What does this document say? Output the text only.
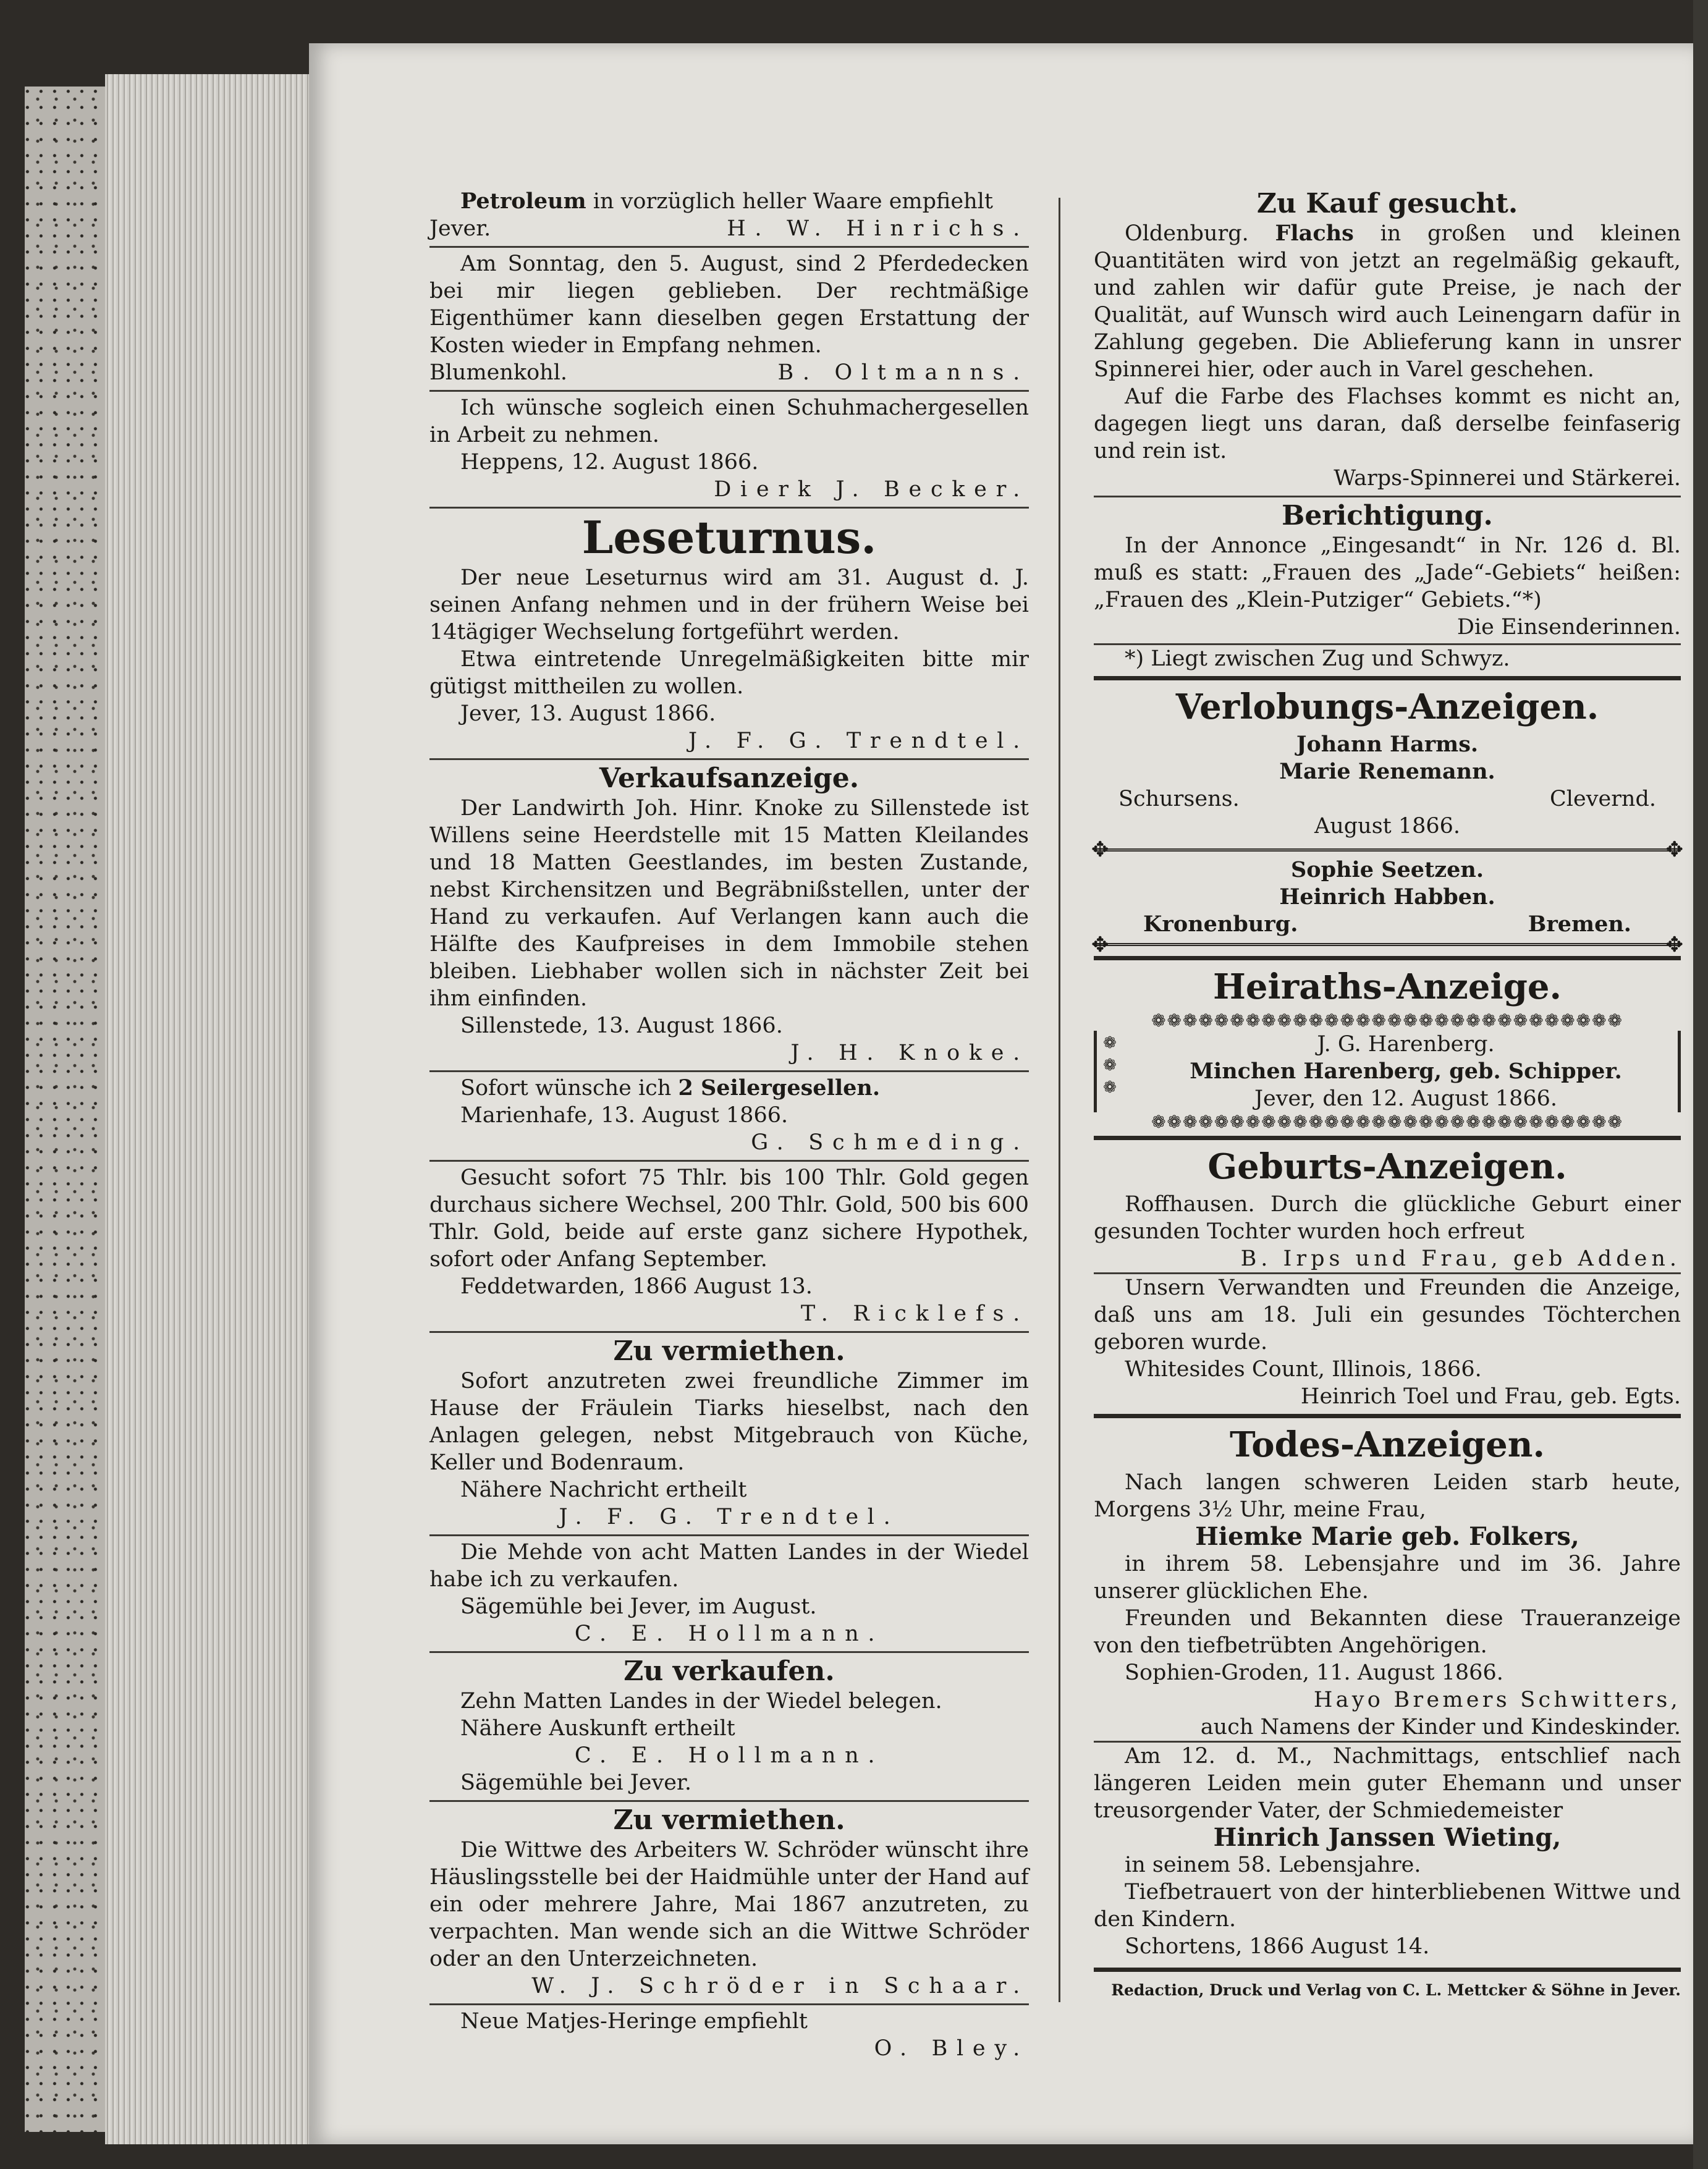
Petroleum in vorzüglich heller Waare empfiehlt

Jever.	H. W. Hinrichs.

Am Sonntag, den 5. August, sind 2 Pferdedecken bei mir liegen geblieben. Der rechtmäßige Eigenthümer kann dieselben gegen Erstattung der Kosten wieder in Empfang nehmen.

Blumenkohl.	B. Oltmanns.

Ich wünsche sogleich einen Schuhmachergesellen in Arbeit zu nehmen.

Heppens, 12. August 1866.

Dierk J. Becker.

Leseturnus.

Der neue Leseturnus wird am 31. August d. J. seinen Anfang nehmen und in der frühern Weise bei 14tägiger Wechselung fortgeführt werden.

Etwa eintretende Unregelmäßigkeiten bitte mir gütigst mittheilen zu wollen.

Jever, 13. August 1866.

J. F. G. Trendtel.

Verkaufsanzeige.

Der Landwirth Joh. Hinr. Knoke zu Sillenstede ist Willens seine Heerdstelle mit 15 Matten Kleilandes und 18 Matten Geestlandes, im besten Zustande, nebst Kirchensitzen und Begräbnißstellen, unter der Hand zu verkaufen. Auf Verlangen kann auch die Hälfte des Kaufpreises in dem Immobile stehen bleiben. Liebhaber wollen sich in nächster Zeit bei ihm einfinden.

Sillenstede, 13. August 1866.

J. H. Knoke.

Sofort wünsche ich 2 Seilergesellen.

Marienhafe, 13. August 1866.

G. Schmeding.

Gesucht sofort 75 Thlr. bis 100 Thlr. Gold gegen durchaus sichere Wechsel, 200 Thlr. Gold, 500 bis 600 Thlr. Gold, beide auf erste ganz sichere Hypothek, sofort oder Anfang September.

Feddetwarden, 1866 August 13.

T. Ricklefs.

Zu vermiethen.

Sofort anzutreten zwei freundliche Zimmer im Hause der Fräulein Tiarks hieselbst, nach den Anlagen gelegen, nebst Mitgebrauch von Küche, Keller und Bodenraum.

Nähere Nachricht ertheilt

J. F. G. Trendtel.

Die Mehde von acht Matten Landes in der Wiedel habe ich zu verkaufen.

Sägemühle bei Jever, im August.

C. E. Hollmann.

Zu verkaufen.

Zehn Matten Landes in der Wiedel belegen.

Nähere Auskunft ertheilt

C. E. Hollmann.

Sägemühle bei Jever.

Zu vermiethen.

Die Wittwe des Arbeiters W. Schröder wünscht ihre Häuslingsstelle bei der Haidmühle unter der Hand auf ein oder mehrere Jahre, Mai 1867 anzutreten, zu verpachten. Man wende sich an die Wittwe Schröder oder an den Unterzeichneten.

W. J. Schröder in Schaar.

Neue Matjes-Heringe empfiehlt

O. Bley.

Zu Kauf gesucht.

Oldenburg. Flachs in großen und kleinen Quantitäten wird von jetzt an regelmäßig gekauft, und zahlen wir dafür gute Preise, je nach der Qualität, auf Wunsch wird auch Leinengarn dafür in Zahlung gegeben. Die Ablieferung kann in unsrer Spinnerei hier, oder auch in Varel geschehen.

Auf die Farbe des Flachses kommt es nicht an, dagegen liegt uns daran, daß derselbe feinfaserig und rein ist.

Warps-Spinnerei und Stärkerei.

Berichtigung.

In der Annonce „Eingesandt“ in Nr. 126 d. Bl. muß es statt: „Frauen des „Jade“-Gebiets“ heißen: „Frauen des „Klein-Putziger“ Gebiets.“*)

Die Einsenderinnen.

*) Liegt zwischen Zug und Schwyz.

Verlobungs-Anzeigen.

Johann Harms.

Marie Renemann.

Schursens.	Clevernd.

August 1866.

✥
✥
✥
✥

Sophie Seetzen.

Heinrich Habben.

Kronenburg.	Bremen.

Heiraths-Anzeige.
❁❁❁❁❁❁❁❁❁❁❁❁❁❁❁❁❁❁❁❁❁❁❁❁❁❁❁❁❁❁
❁
❁
❁

J. G. Harenberg.

Minchen Harenberg, geb. Schipper.

Jever, den 12. August 1866.

❁❁❁❁❁❁❁❁❁❁❁❁❁❁❁❁❁❁❁❁❁❁❁❁❁❁❁❁❁❁
Geburts-Anzeigen.

Roffhausen. Durch die glückliche Geburt einer gesunden Tochter wurden hoch erfreut

B. Irps und Frau, geb Adden.

Unsern Verwandten und Freunden die Anzeige, daß uns am 18. Juli ein gesundes Töchterchen geboren wurde.

Whitesides Count, Illinois, 1866.

Heinrich Toel und Frau, geb. Egts.

Todes-Anzeigen.

Nach langen schweren Leiden starb heute, Morgens 3½ Uhr, meine Frau,

Hiemke Marie geb. Folkers,

in ihrem 58. Lebensjahre und im 36. Jahre unserer glücklichen Ehe.

Freunden und Bekannten diese Traueranzeige von den tiefbetrübten Angehörigen.

Sophien-Groden, 11. August 1866.

Hayo Bremers Schwitters,

auch Namens der Kinder und Kindeskinder.

Am 12. d. M., Nachmittags, entschlief nach längeren Leiden mein guter Ehemann und unser treusorgender Vater, der Schmiedemeister

Hinrich Janssen Wieting,

in seinem 58. Lebensjahre.

Tiefbetrauert von der hinterbliebenen Wittwe und den Kindern.

Schortens, 1866 August 14.

Redaction, Druck und Verlag von C. L. Mettcker & Söhne in Jever.
